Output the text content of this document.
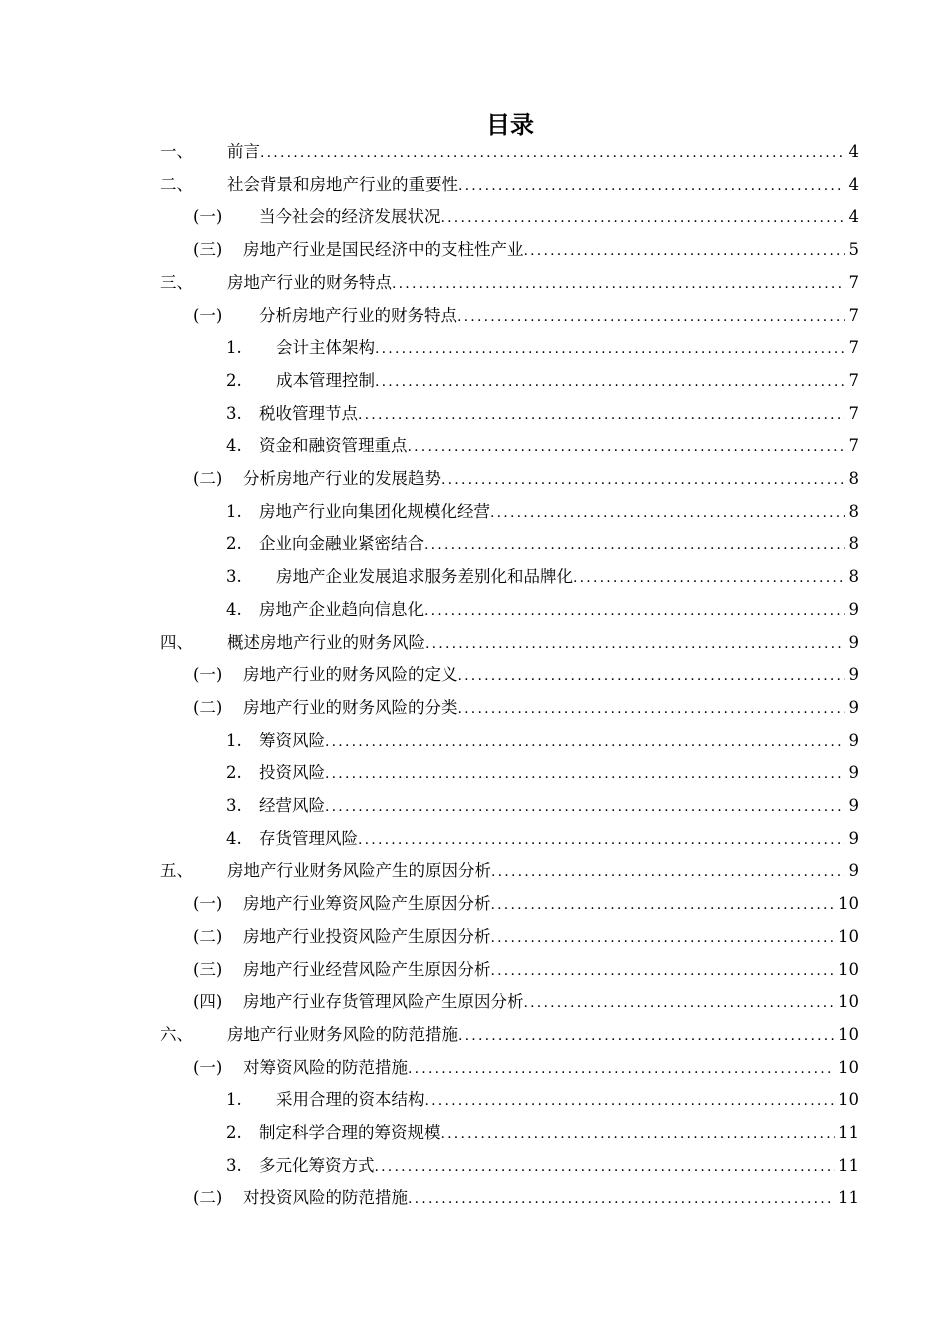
目录
一、 前言 .....	4
二、 社会背景和房地产行业的重要性 .....	4
(一) 当今社会的经济发展状况 .....	4
(三) 房地产行业是国民经济中的支柱性产业 .....	5
三、 房地产行业的财务特点 .....	7
(一) 分析房地产行业的财务特点 .....	7
1. 会计主体架构 .....	7
2. 成本管理控制 .....	7
3. 税收管理节点 .....	7
4. 资金和融资管理重点 .....	7
(二) 分析房地产行业的发展趋势 .....	8
1. 房地产行业向集团化规模化经营 .....	8
2. 企业向金融业紧密结合 .....	8
3. 房地产企业发展追求服务差别化和品牌化 .....	8
4. 房地产企业趋向信息化 .....	9
四、 概述房地产行业的财务风险 .....	9
(一) 房地产行业的财务风险的定义 .....	9
(二) 房地产行业的财务风险的分类 .....	9
1. 筹资风险 .....	9
2. 投资风险 .....	9
3. 经营风险 .....	9
4. 存货管理风险 .....	9
五、 房地产行业财务风险产生的原因分析 .....	9
(一) 房地产行业筹资风险产生原因分析 .....	10
(二) 房地产行业投资风险产生原因分析 .....	10
(三) 房地产行业经营风险产生原因分析 .....	10
(四) 房地产行业存货管理风险产生原因分析 .....	10
六、 房地产行业财务风险的防范措施 .....	10
(一) 对筹资风险的防范措施 .....	10
1. 采用合理的资本结构 .....	10
2. 制定科学合理的筹资规模 .....	11
3. 多元化筹资方式 .....	11
(二) 对投资风险的防范措施 .....	11
